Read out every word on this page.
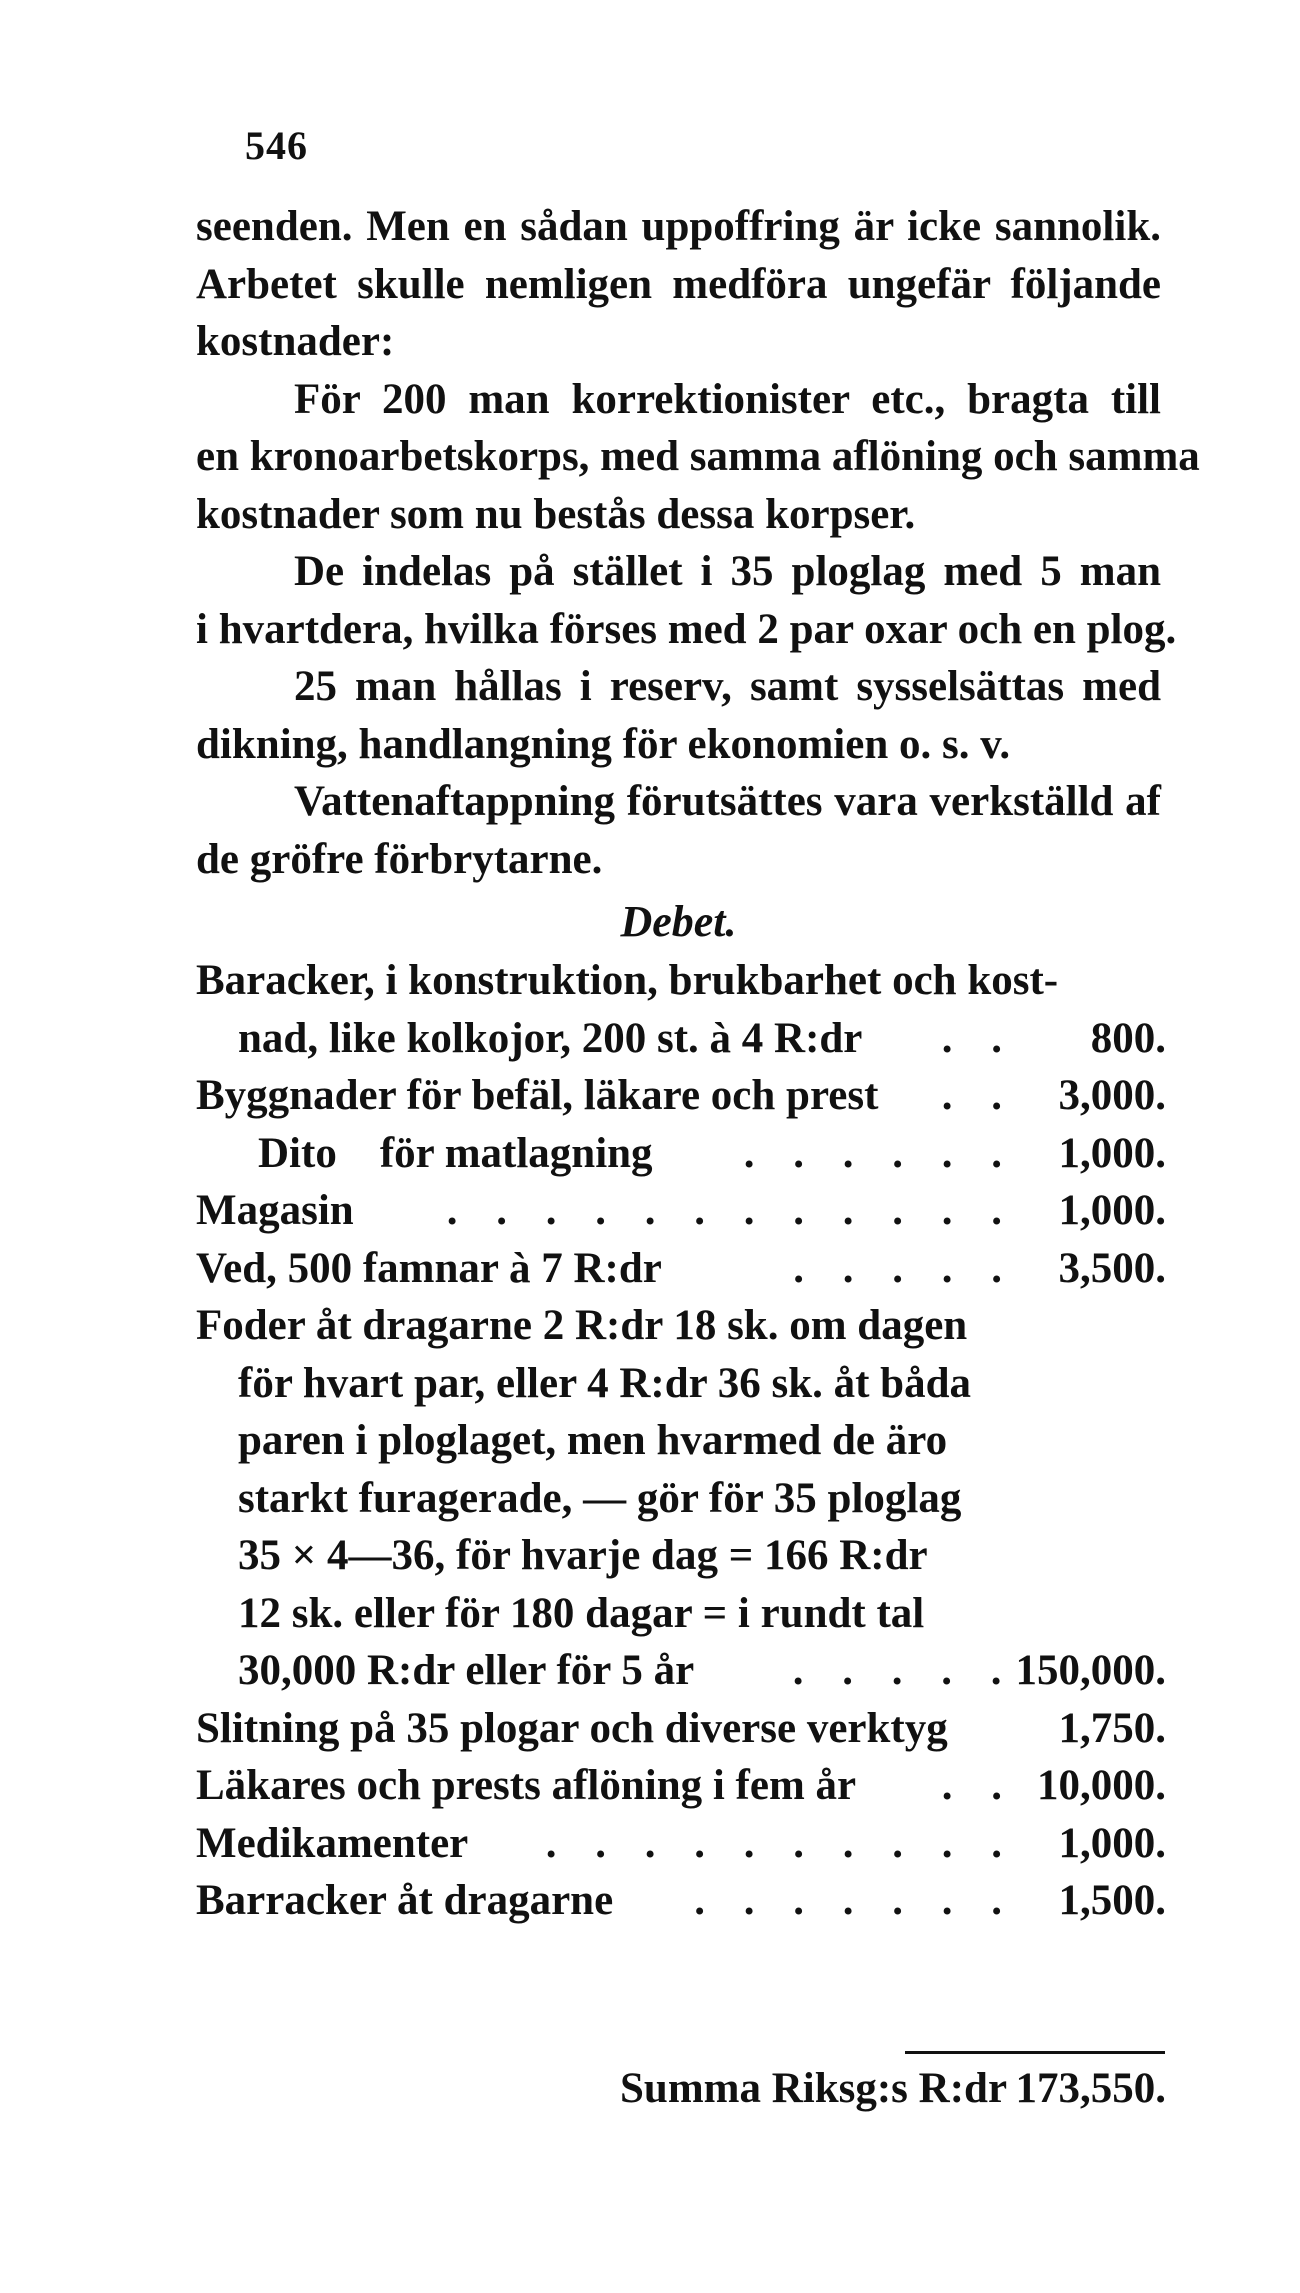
546
seenden. Men en sådan uppoffring är icke sannolik.
Arbetet skulle nemligen medföra ungefär följande
kostnader:
För 200 man korrektionister etc., bragta till
en kronoarbetskorps, med samma aflöning och samma
kostnader som nu bestås dessa korpser.
De indelas på stället i 35 ploglag med 5 man
i hvartdera, hvilka förses med 2 par oxar och en plog.
25 man hållas i reserv, samt sysselsättas med
dikning, handlangning för ekonomien o. s. v.
Vattenaftappning förutsättes vara verkställd af
de gröfre förbrytarne.
Debet.
Baracker, i konstruktion, brukbarhet och kost-
nad, like kolkojor, 200 st. à 4 R:dr	. .	800.
Byggnader för befäl, läkare och prest	. . 3,000.
Dito    för matlagning	. . . . . . 1,000.
Magasin	. . . . . . . . . . . . 1,000.
Ved, 500 famnar à 7 R:dr	. . . . . 3,500.
Foder åt dragarne 2 R:dr 18 sk. om dagen
för hvart par, eller 4 R:dr 36 sk. åt båda
paren i ploglaget, men hvarmed de äro
starkt furagerade, — gör för 35 ploglag
35 × 4—36, för hvarje dag = 166 R:dr
12 sk. eller för 180 dagar = i rundt tal
30,000 R:dr eller för 5 år	. . . . . 150,000.
Slitning på 35 plogar och diverse verktyg	1,750.
Läkares och prests aflöning i fem år	. . 10,000.
Medikamenter	. . . . . . . . . . 1,000.
Barracker åt dragarne	. . . . . . . 1,500.
Summa Riksg:s R:dr 173,550.
